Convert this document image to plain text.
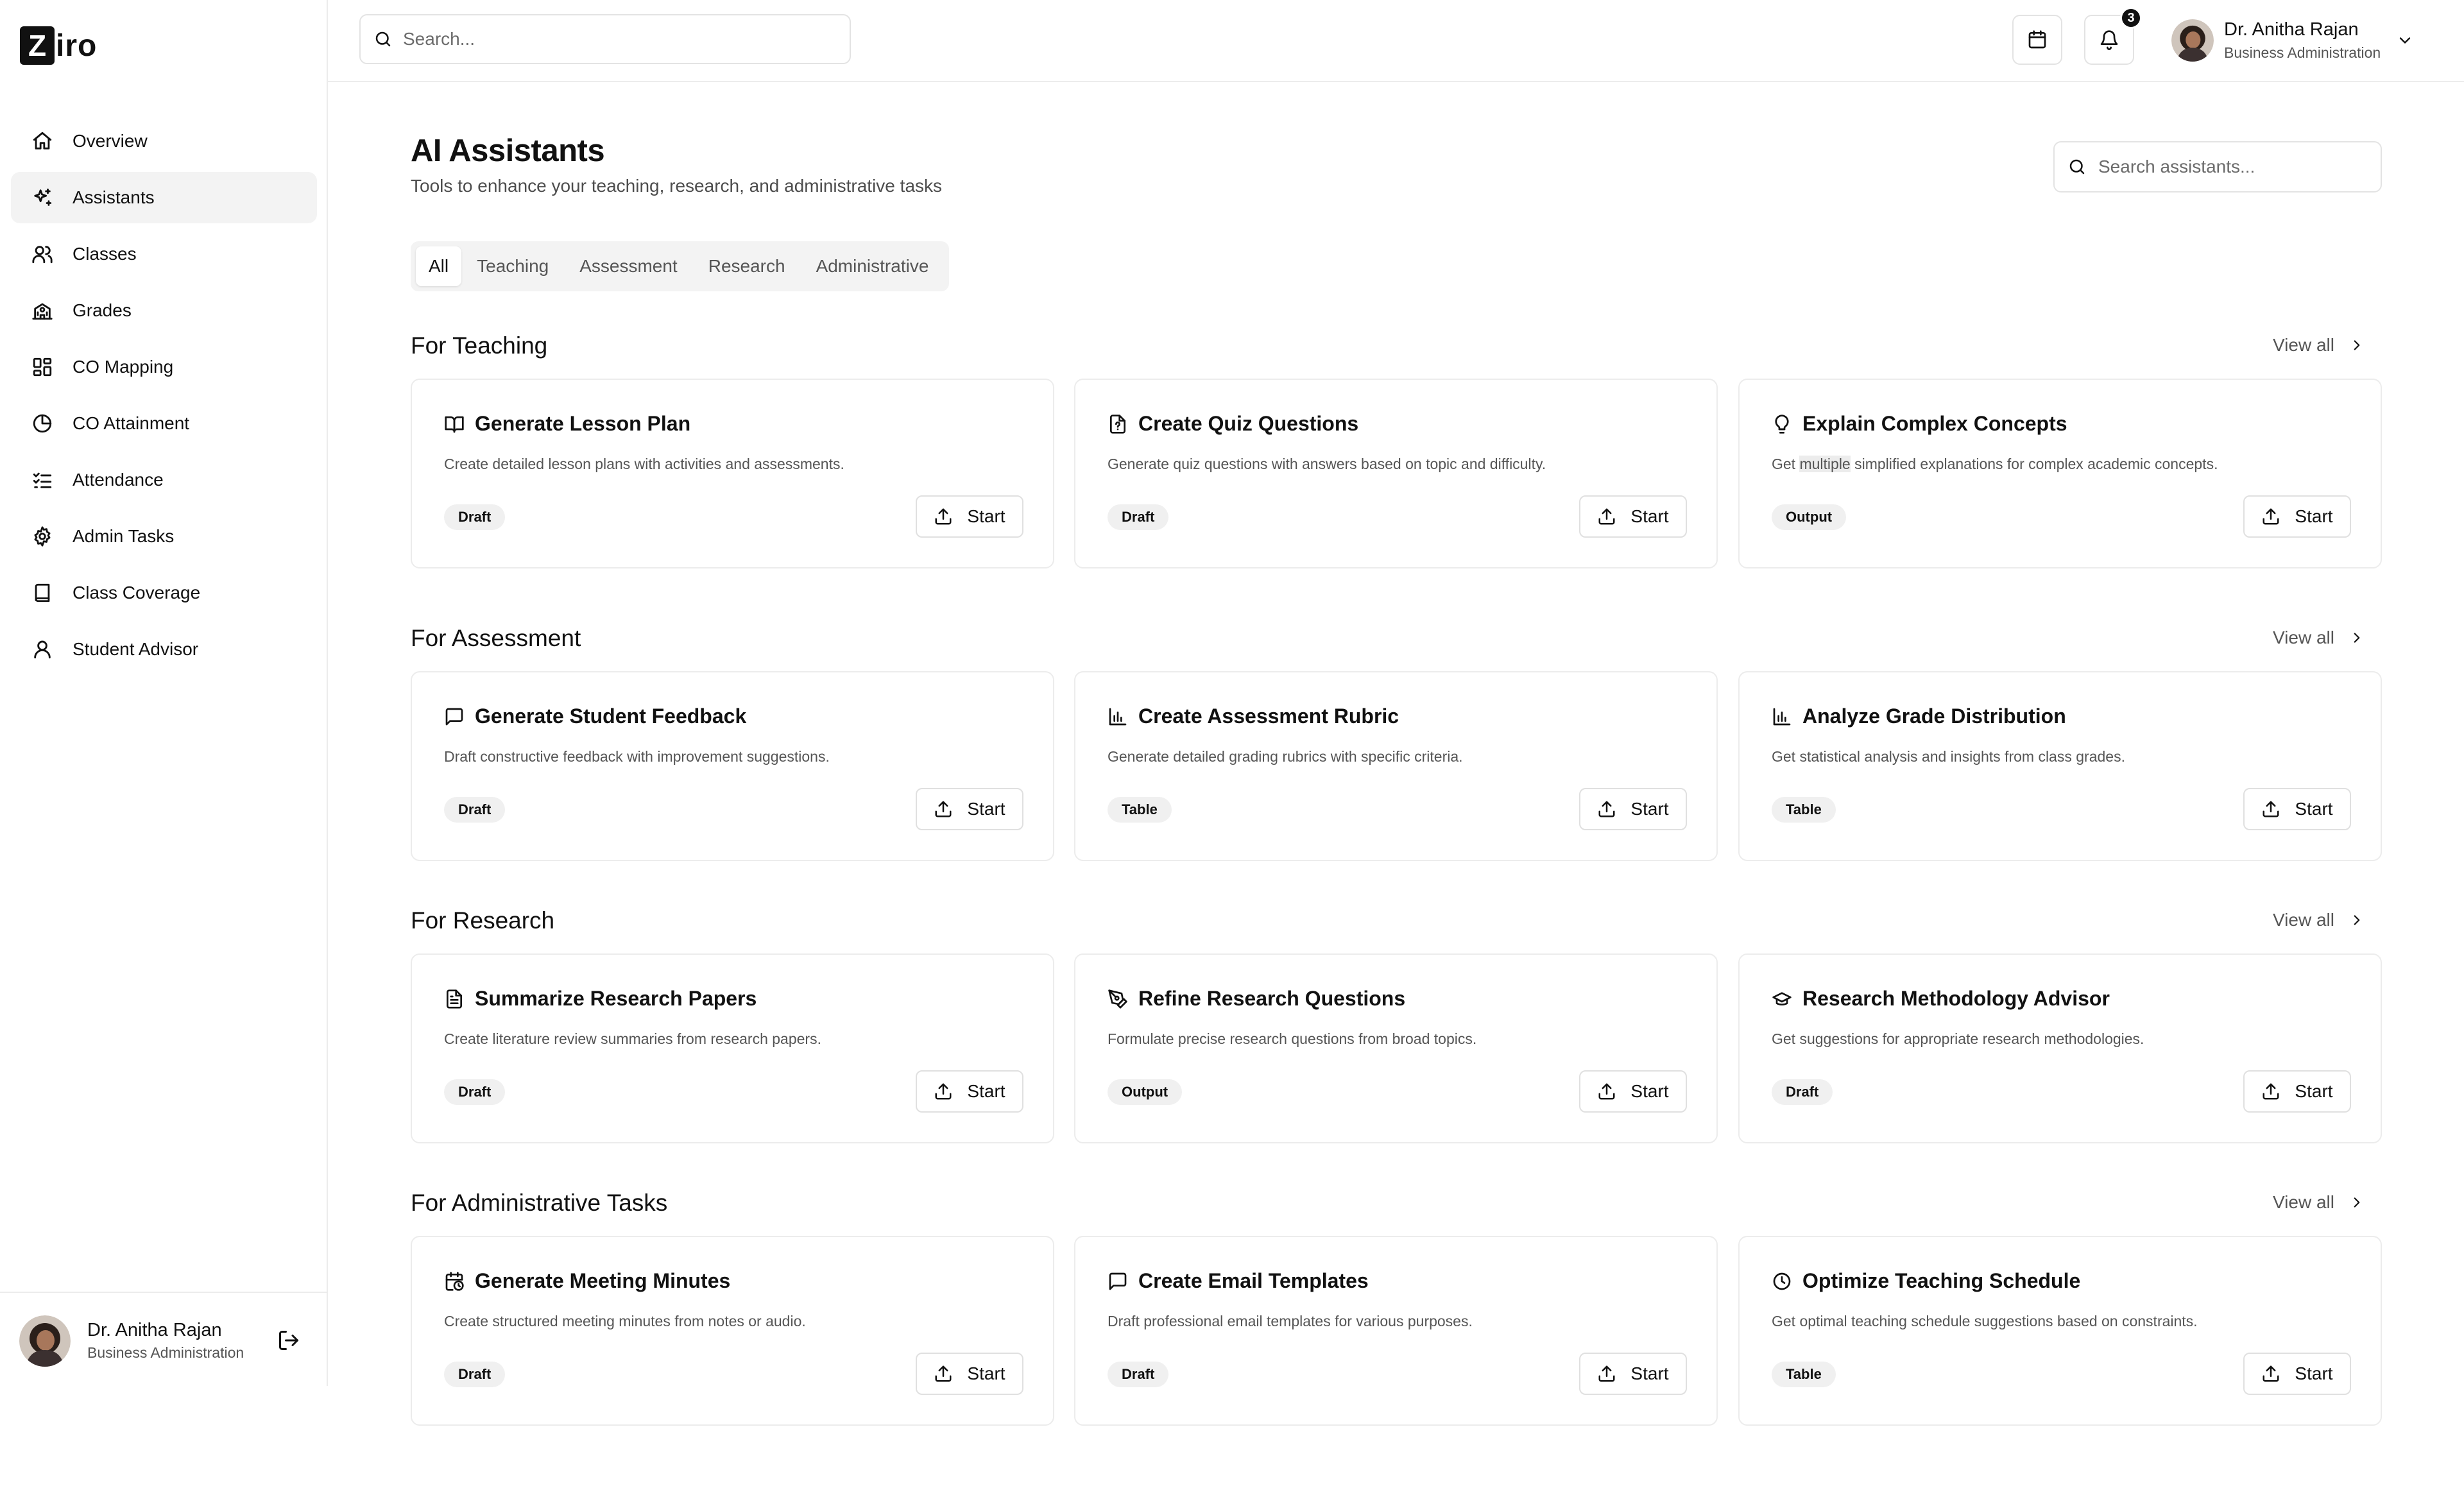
Z iro
Overview
Assistants
Classes
Grades
CO Mapping
CO Attainment
Attendance
Admin Tasks
Class Coverage
Student Advisor
Dr. Anitha Rajan
Business Administration
Search...
3
Dr. Anitha Rajan
Business Administration
AI Assistants
Tools to enhance your teaching, research, and administrative tasks
Search assistants...
All	Teaching	Assessment	Research	Administrative
For Teaching	View all
Generate Lesson Plan
Create detailed lesson plans with activities and assessments.
Draft	Start
Create Quiz Questions
Generate quiz questions with answers based on topic and difficulty.
Draft	Start
Explain Complex Concepts
Get multiple simplified explanations for complex academic concepts.
Output	Start
For Assessment	View all
Generate Student Feedback
Draft constructive feedback with improvement suggestions.
Draft	Start
Create Assessment Rubric
Generate detailed grading rubrics with specific criteria.
Table	Start
Analyze Grade Distribution
Get statistical analysis and insights from class grades.
Table	Start
For Research	View all
Summarize Research Papers
Create literature review summaries from research papers.
Draft	Start
Refine Research Questions
Formulate precise research questions from broad topics.
Output	Start
Research Methodology Advisor
Get suggestions for appropriate research methodologies.
Draft	Start
For Administrative Tasks	View all
Generate Meeting Minutes
Create structured meeting minutes from notes or audio.
Draft	Start
Create Email Templates
Draft professional email templates for various purposes.
Draft	Start
Optimize Teaching Schedule
Get optimal teaching schedule suggestions based on constraints.
Table	Start
